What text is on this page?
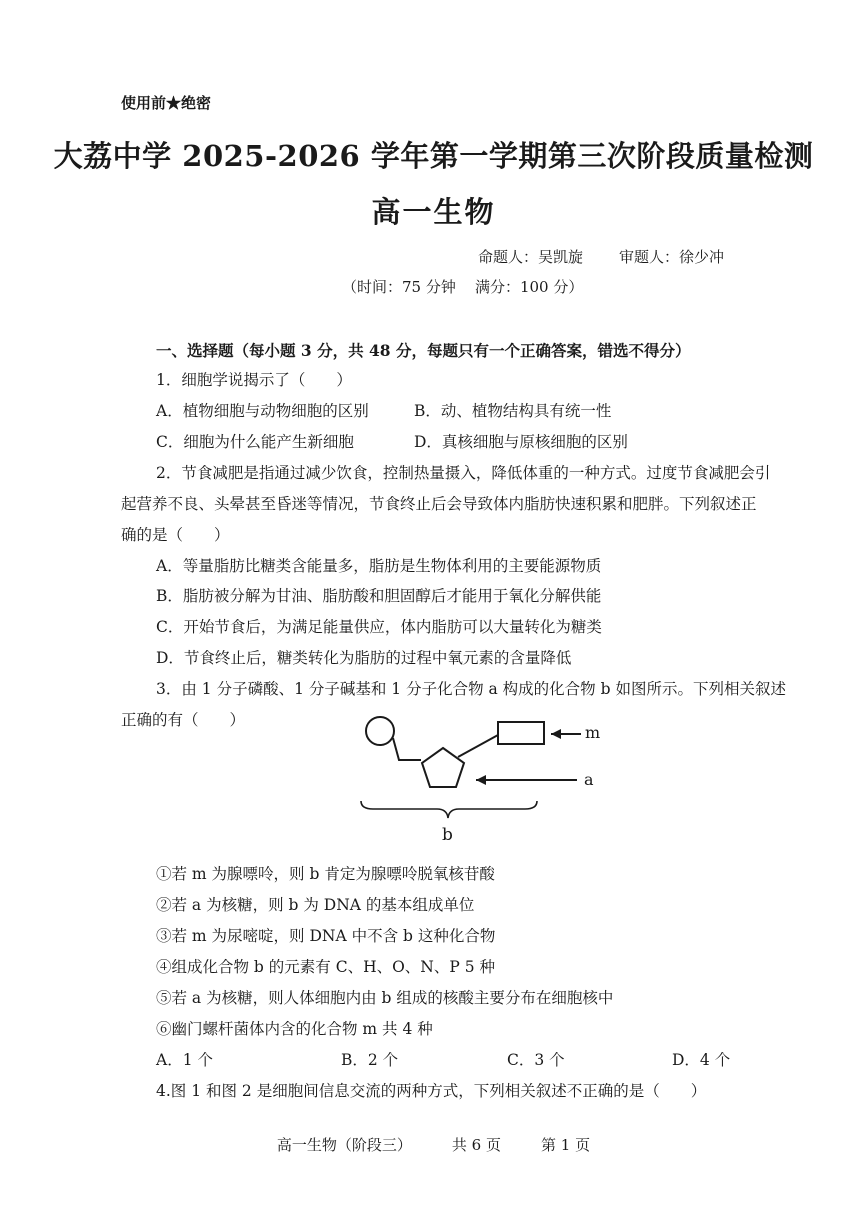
使用前★绝密
大荔中学 2025-2026 学年第一学期第三次阶段质量检测
高一生物
命题人：吴凯旋 审题人：徐少冲
（时间：75 分钟 满分：100 分）
一、选择题（每小题 3 分，共 48 分，每题只有一个正确答案，错选不得分）
1．细胞学说揭示了（　　）
A．植物细胞与动物细胞的区别	B．动、植物结构具有统一性
C．细胞为什么能产生新细胞	D．真核细胞与原核细胞的区别
2．节食减肥是指通过减少饮食，控制热量摄入，降低体重的一种方式。过度节食减肥会引
起营养不良、头晕甚至昏迷等情况，节食终止后会导致体内脂肪快速积累和肥胖。下列叙述正
确的是（　　）
A．等量脂肪比糖类含能量多，脂肪是生物体利用的主要能源物质
B．脂肪被分解为甘油、脂肪酸和胆固醇后才能用于氧化分解供能
C．开始节食后，为满足能量供应，体内脂肪可以大量转化为糖类
D．节食终止后，糖类转化为脂肪的过程中氧元素的含量降低
3．由 1 分子磷酸、1 分子碱基和 1 分子化合物 a 构成的化合物 b 如图所示。下列相关叙述
正确的有（　　）
m
a
b
①若 m 为腺嘌呤，则 b 肯定为腺嘌呤脱氧核苷酸
②若 a 为核糖，则 b 为 DNA 的基本组成单位
③若 m 为尿嘧啶，则 DNA 中不含 b 这种化合物
④组成化合物 b 的元素有 C、H、O、N、P 5 种
⑤若 a 为核糖，则人体细胞内由 b 组成的核酸主要分布在细胞核中
⑥幽门螺杆菌体内含的化合物 m 共 4 种
A．1 个	B．2 个	C．3 个	D．4 个
4.图 1 和图 2 是细胞间信息交流的两种方式，下列相关叙述不正确的是（　　）
高一生物（阶段三）	共 6 页	第 1 页
